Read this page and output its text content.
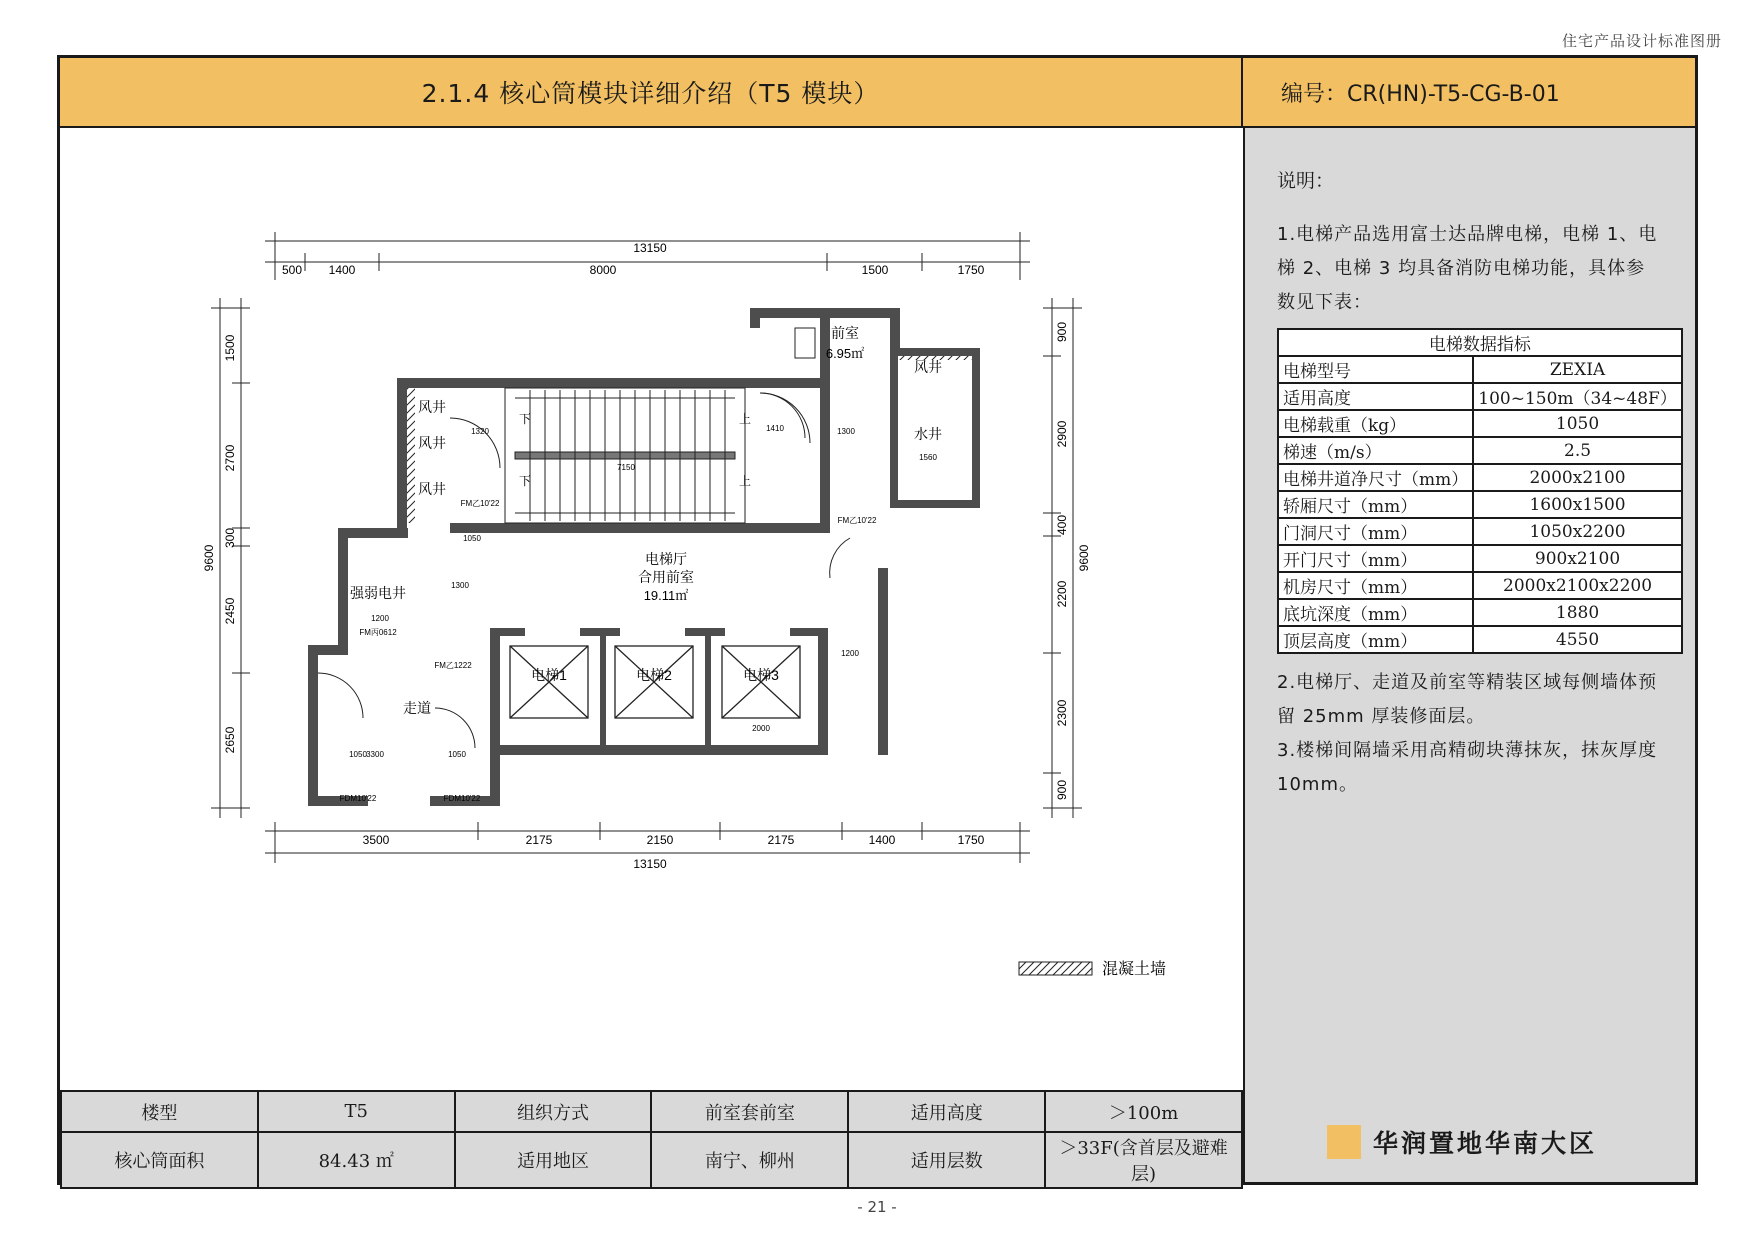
住宅产品设计标准图册
2.1.4 核心筒模块详细介绍（T5 模块）	编号：CR(HN)-T5-CG-B-01
13150
500 1400	8000	1500	1750
3500	2175	2150	2175	1400	1750
13150
1500
2700
300
2450
2650
9600
900
2900
400
2200
2300
900
9600
前室
6.95㎡
风井
水井
风井
风井
风井
电梯厅
合用前室
19.11㎡
强弱电井
走道
电梯1	电梯2	电梯3
下
下
上
上
1320
1050
1300
1200
3300
1410
1560
7150
1300
1200
2000
1050	1050
FM乙10'22
FM乙10'22
FM乙1222
FM丙0612
FDM10'22	FDM10'22
混凝土墙
说明：
1.电梯产品选用富士达品牌电梯，电梯 1、电梯 2、电梯 3 均具备消防电梯功能，具体参数见下表：
电梯数据指标	
电梯型号	ZEXIA
适用高度	100~150m（34~48F）
电梯载重（kg）	1050
梯速（m/s）	2.5
电梯井道净尺寸（mm）	2000x2100
轿厢尺寸（mm）	1600x1500
门洞尺寸（mm）	1050x2200
开门尺寸（mm）	900x2100
机房尺寸（mm）	2000x2100x2200
底坑深度（mm）	1880
顶层高度（mm）	4550
2.电梯厅、走道及前室等精装区域每侧墙体预留 25mm 厚装修面层。
3.楼梯间隔墙采用高精砌块薄抹灰，抹灰厚度 10mm。
华润置地华南大区
楼型	T5	组织方式	前室套前室	适用高度	＞100m
核心筒面积	84.43 ㎡	适用地区	南宁、柳州	适用层数	＞33F(含首层及避难层)
- 21 -
